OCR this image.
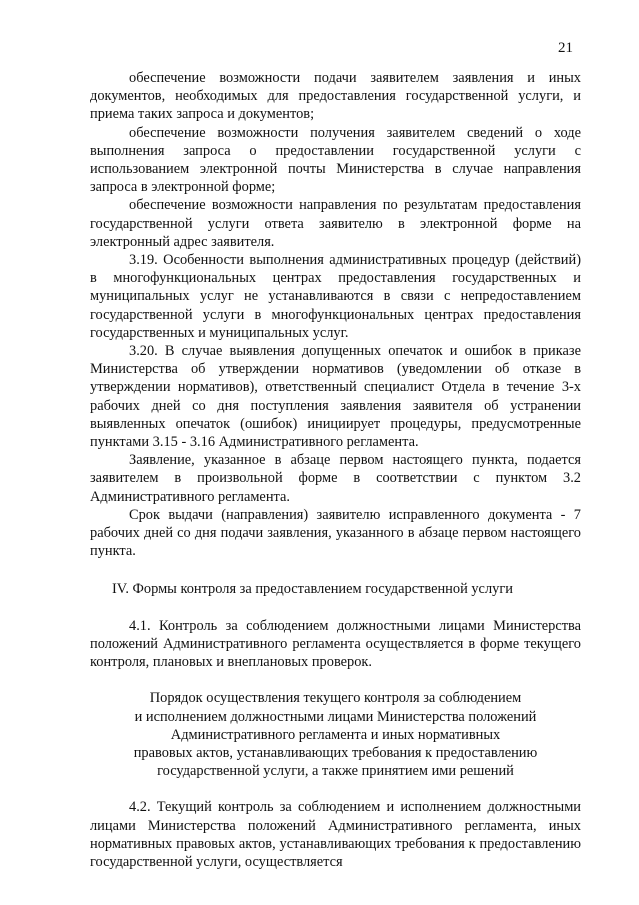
21

обеспечение возможности подачи заявителем заявления и иных документов, необходимых для предоставления государственной услуги, и приема таких запроса и документов;

обеспечение возможности получения заявителем сведений о ходе выполнения запроса о предоставлении государственной услуги с использованием электронной почты Министерства в случае направления запроса в электронной форме;

обеспечение возможности направления по результатам предоставления государственной услуги ответа заявителю в электронной форме на электронный адрес заявителя.

3.19. Особенности выполнения административных процедур (действий) в многофункциональных центрах предоставления государственных и муниципальных услуг не устанавливаются в связи с непредоставлением государственной услуги в многофункциональных центрах предоставления государственных и муниципальных услуг.

3.20. В случае выявления допущенных опечаток и ошибок в приказе Министерства об утверждении нормативов (уведомлении об отказе в утверждении нормативов), ответственный специалист Отдела в течение 3-х рабочих дней со дня поступления заявления заявителя об устранении выявленных опечаток (ошибок) инициирует процедуры, предусмотренные пунктами 3.15 - 3.16 Административного регламента.

Заявление, указанное в абзаце первом настоящего пункта, подается заявителем в произвольной форме в соответствии с пунктом 3.2 Административного регламента.

Срок выдачи (направления) заявителю исправленного документа - 7 рабочих дней со дня подачи заявления, указанного в абзаце первом настоящего пункта.

IV. Формы контроля за предоставлением государственной услуги

4.1. Контроль за соблюдением должностными лицами Министерства положений Административного регламента осуществляется в форме текущего контроля, плановых и внеплановых проверок.

Порядок осуществления текущего контроля за соблюдением

и исполнением должностными лицами Министерства положений

Административного регламента и иных нормативных

правовых актов, устанавливающих требования к предоставлению

государственной услуги, а также принятием ими решений

4.2. Текущий контроль за соблюдением и исполнением должностными лицами Министерства положений Административного регламента, иных нормативных правовых актов, устанавливающих требования к предоставлению государственной услуги, осуществляется
